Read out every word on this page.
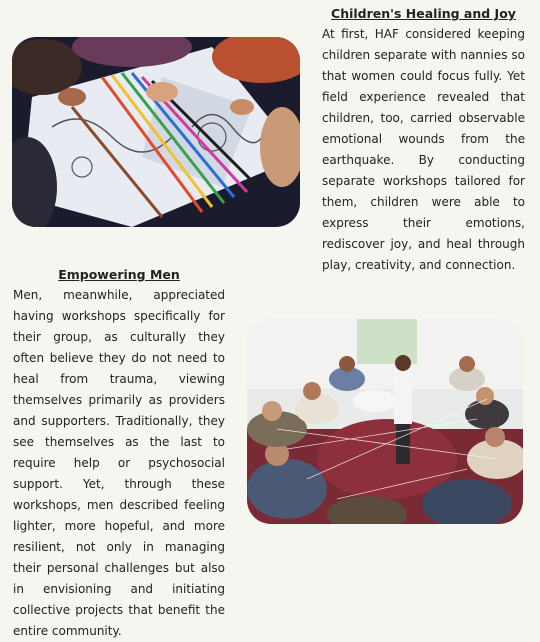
Children's Healing and Joy

At first, HAF considered keeping children separate with nannies so that women could focus fully. Yet field experience revealed that children, too, carried observable emotional wounds from the earthquake. By conducting separate workshops tailored for them, children were able to express their emotions, rediscover joy, and heal through play, creativity, and connection.

Empowering Men

Men, meanwhile, appreciated having workshops specifically for their group, as culturally they often believe they do not need to heal from trauma, viewing themselves primarily as providers and supporters. Traditionally, they see themselves as the last to require help or psychosocial support. Yet, through these workshops, men described feeling lighter, more hopeful, and more resilient, not only in managing their personal challenges but also in envisioning and initiating collective projects that benefit the entire community.
